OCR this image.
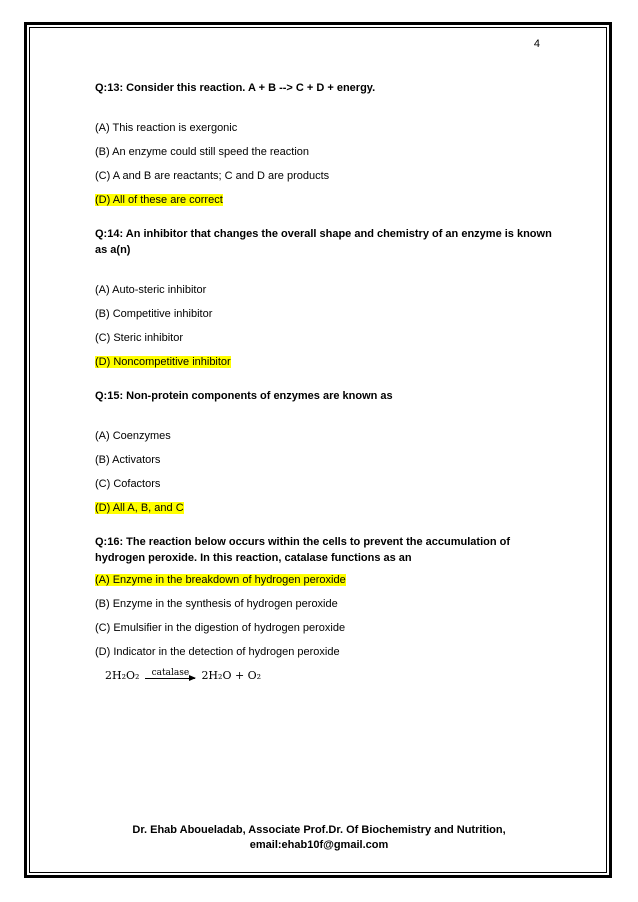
4

Q:13: Consider this reaction. A + B --> C + D + energy.

(A) This reaction is exergonic

(B) An enzyme could still speed the reaction

(C) A and B are reactants; C and D are products

(D) All of these are correct

Q:14: An inhibitor that changes the overall shape and chemistry of an enzyme is known as a(n)

(A) Auto-steric inhibitor

(B) Competitive inhibitor

(C) Steric inhibitor

(D) Noncompetitive inhibitor

Q:15: Non-protein components of enzymes are known as

(A) Coenzymes

(B) Activators

(C) Cofactors

(D) All A, B, and C

Q:16: The reaction below occurs within the cells to prevent the accumulation of hydrogen peroxide. In this reaction, catalase functions as an

(A) Enzyme in the breakdown of hydrogen peroxide

(B) Enzyme in the synthesis of hydrogen peroxide

(C) Emulsifier in the digestion of hydrogen peroxide

(D) Indicator in the detection of hydrogen peroxide

2H₂O₂ catalase 2H₂O + O₂
Dr. Ehab Aboueladab, Associate Prof.Dr. Of Biochemistry and Nutrition,
email:ehab10f@gmail.com
